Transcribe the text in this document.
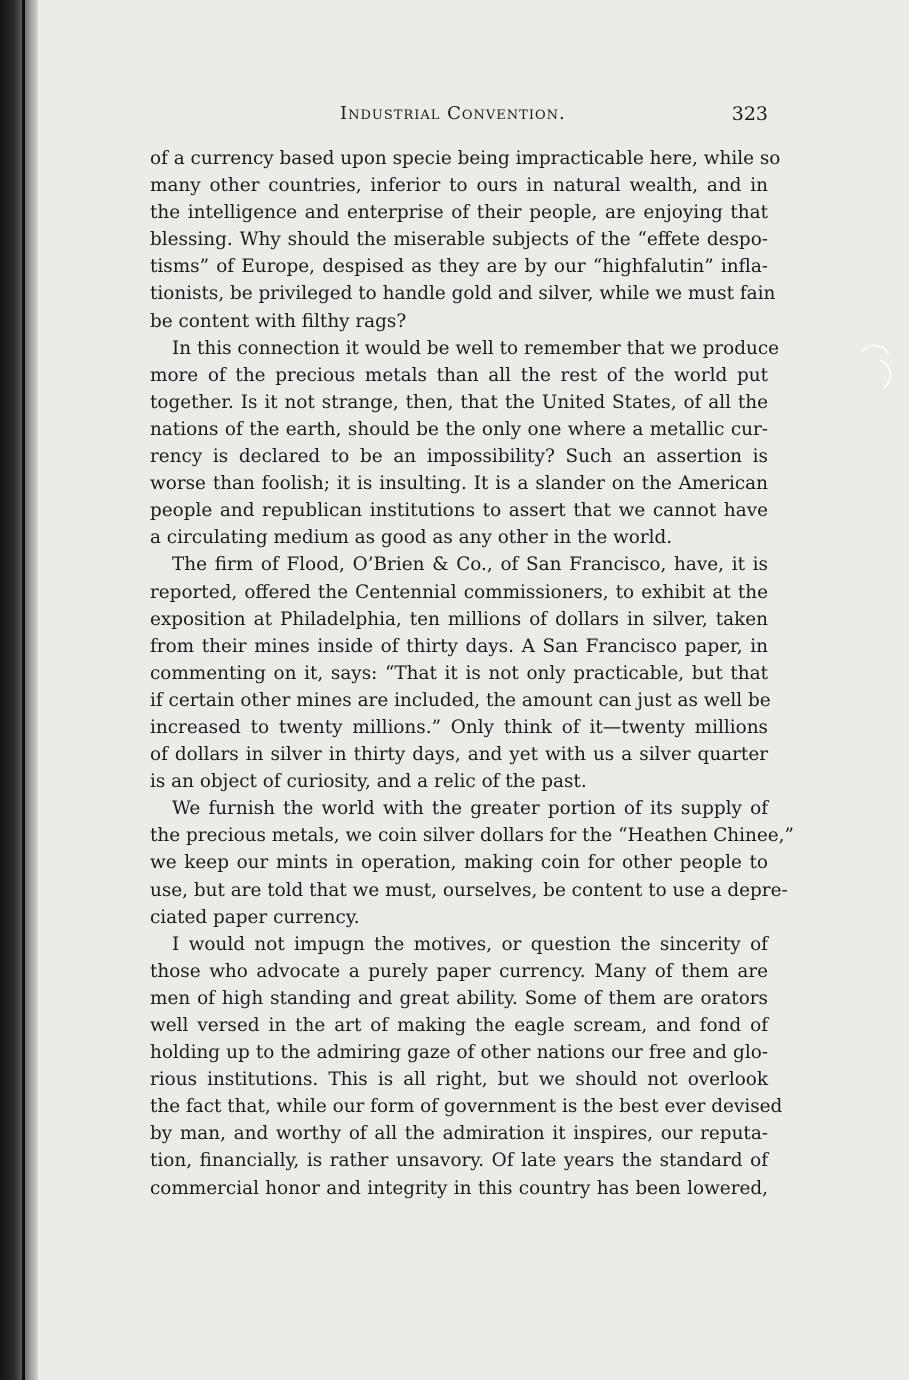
Industrial Convention.	323
of a currency based upon specie being impracticable here, while so
many other countries, inferior to ours in natural wealth, and in
the intelligence and enterprise of their people, are enjoying that
blessing. Why should the miserable subjects of the “effete despo-
tisms” of Europe, despised as they are by our “highfalutin” infla-
tionists, be privileged to handle gold and silver, while we must fain
be content with filthy rags?
In this connection it would be well to remember that we produce
more of the precious metals than all the rest of the world put
together. Is it not strange, then, that the United States, of all the
nations of the earth, should be the only one where a metallic cur-
rency is declared to be an impossibility? Such an assertion is
worse than foolish; it is insulting. It is a slander on the American
people and republican institutions to assert that we cannot have
a circulating medium as good as any other in the world.
The firm of Flood, O’Brien & Co., of San Francisco, have, it is
reported, offered the Centennial commissioners, to exhibit at the
exposition at Philadelphia, ten millions of dollars in silver, taken
from their mines inside of thirty days. A San Francisco paper, in
commenting on it, says: “That it is not only practicable, but that
if certain other mines are included, the amount can just as well be
increased to twenty millions.” Only think of it—twenty millions
of dollars in silver in thirty days, and yet with us a silver quarter
is an object of curiosity, and a relic of the past.
We furnish the world with the greater portion of its supply of
the precious metals, we coin silver dollars for the “Heathen Chinee,”
we keep our mints in operation, making coin for other people to
use, but are told that we must, ourselves, be content to use a depre-
ciated paper currency.
I would not impugn the motives, or question the sincerity of
those who advocate a purely paper currency. Many of them are
men of high standing and great ability. Some of them are orators
well versed in the art of making the eagle scream, and fond of
holding up to the admiring gaze of other nations our free and glo-
rious institutions. This is all right, but we should not overlook
the fact that, while our form of government is the best ever devised
by man, and worthy of all the admiration it inspires, our reputa-
tion, financially, is rather unsavory. Of late years the standard of
commercial honor and integrity in this country has been lowered,
